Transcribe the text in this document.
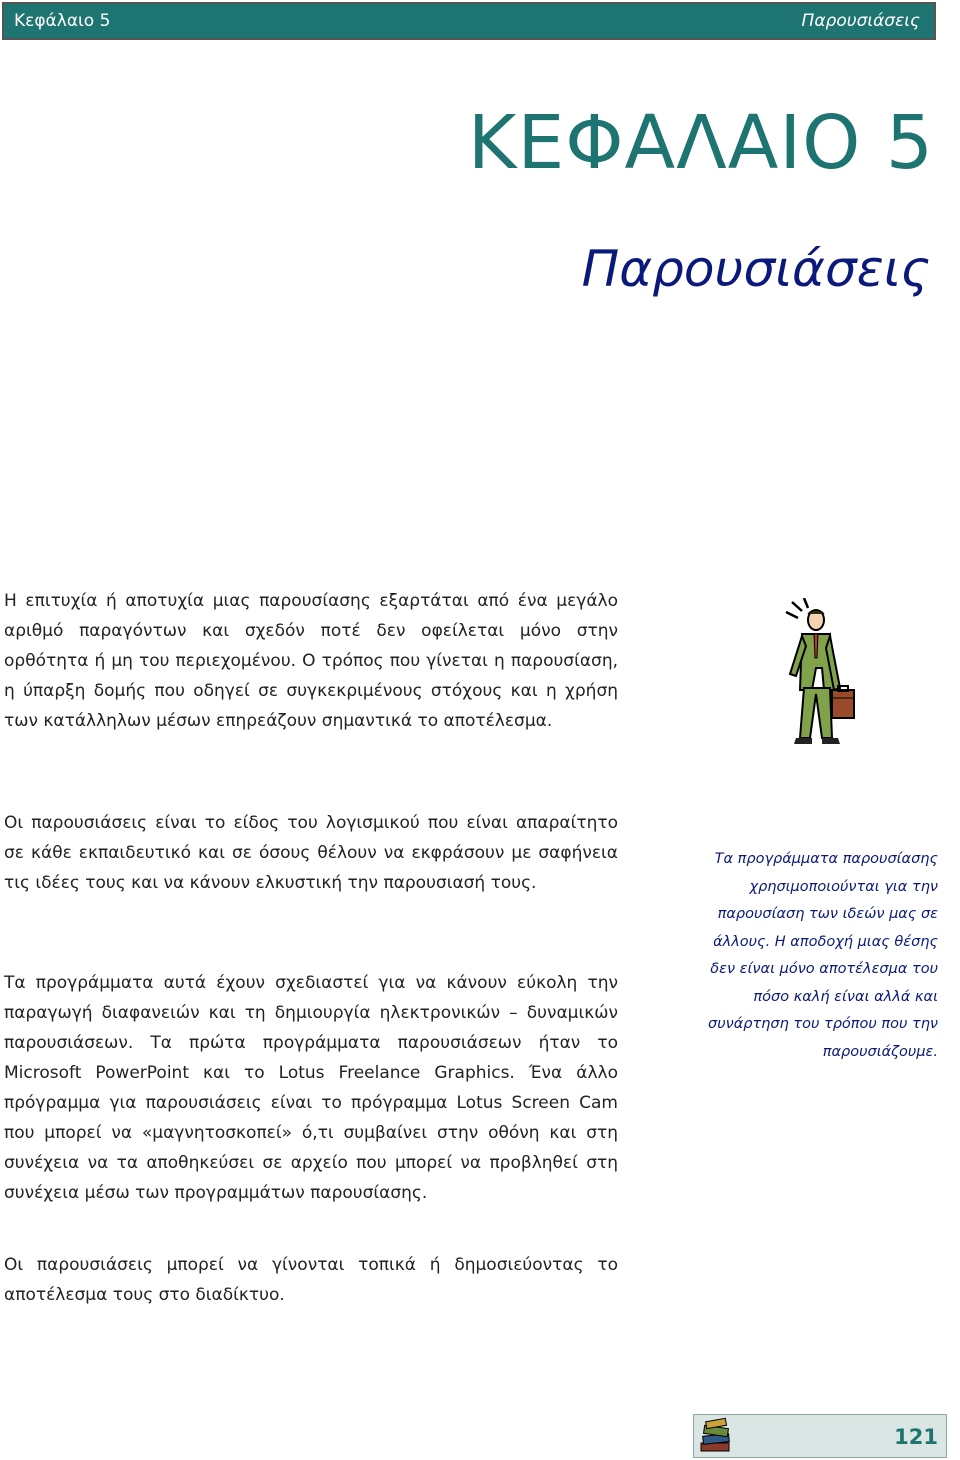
Κεφάλαιο 5	Παρουσιάσεις
ΚΕΦΑΛΑΙΟ 5
Παρουσιάσεις

Η επιτυχία ή αποτυχία μιας παρουσίασης εξαρτάται από ένα μεγάλο αριθμό παραγόντων και σχεδόν ποτέ δεν οφείλεται μόνο στην ορθότητα ή μη του περιεχομένου. Ο τρόπος που γίνεται η παρουσίαση, η ύπαρξη δομής που οδηγεί σε συγκεκριμένους στόχους και η χρήση των κατάλληλων μέσων επηρεάζουν σημαντικά το αποτέλεσμα.

Οι παρουσιάσεις είναι το είδος του λογισμικού που είναι απαραίτητο σε κάθε εκπαιδευτικό και σε όσους θέλουν να εκφράσουν με σαφήνεια τις ιδέες τους και να κάνουν ελκυστική την παρουσιασή τους.

Τα προγράμματα αυτά έχουν σχεδιαστεί για να κάνουν εύκολη την παραγωγή διαφανειών και τη δημιουργία ηλεκτρονικών – δυναμικών παρουσιάσεων. Τα πρώτα προγράμματα παρουσιάσεων ήταν το Microsoft PowerPoint και το Lotus Freelance Graphics. Ένα άλλο πρόγραμμα για παρουσιάσεις είναι το πρόγραμμα Lotus Screen Cam που μπορεί να «μαγνητοσκοπεί» ό,τι συμβαίνει στην οθόνη και στη συνέχεια να τα αποθηκεύσει σε αρχείο που μπορεί να προβληθεί στη συνέχεια μέσω των προγραμμάτων παρουσίασης.

Οι παρουσιάσεις μπορεί να γίνονται τοπικά ή δημοσιεύοντας το αποτέλεσμα τους στο διαδίκτυο.

Τα προγράμματα παρουσίασης
χρησιμοποιούνται για την
παρουσίαση των ιδεών μας σε
άλλους. Η αποδοχή μιας θέσης
δεν είναι μόνο αποτέλεσμα του
πόσο καλή είναι αλλά και
συνάρτηση του τρόπου που την
παρουσιάζουμε.
121
